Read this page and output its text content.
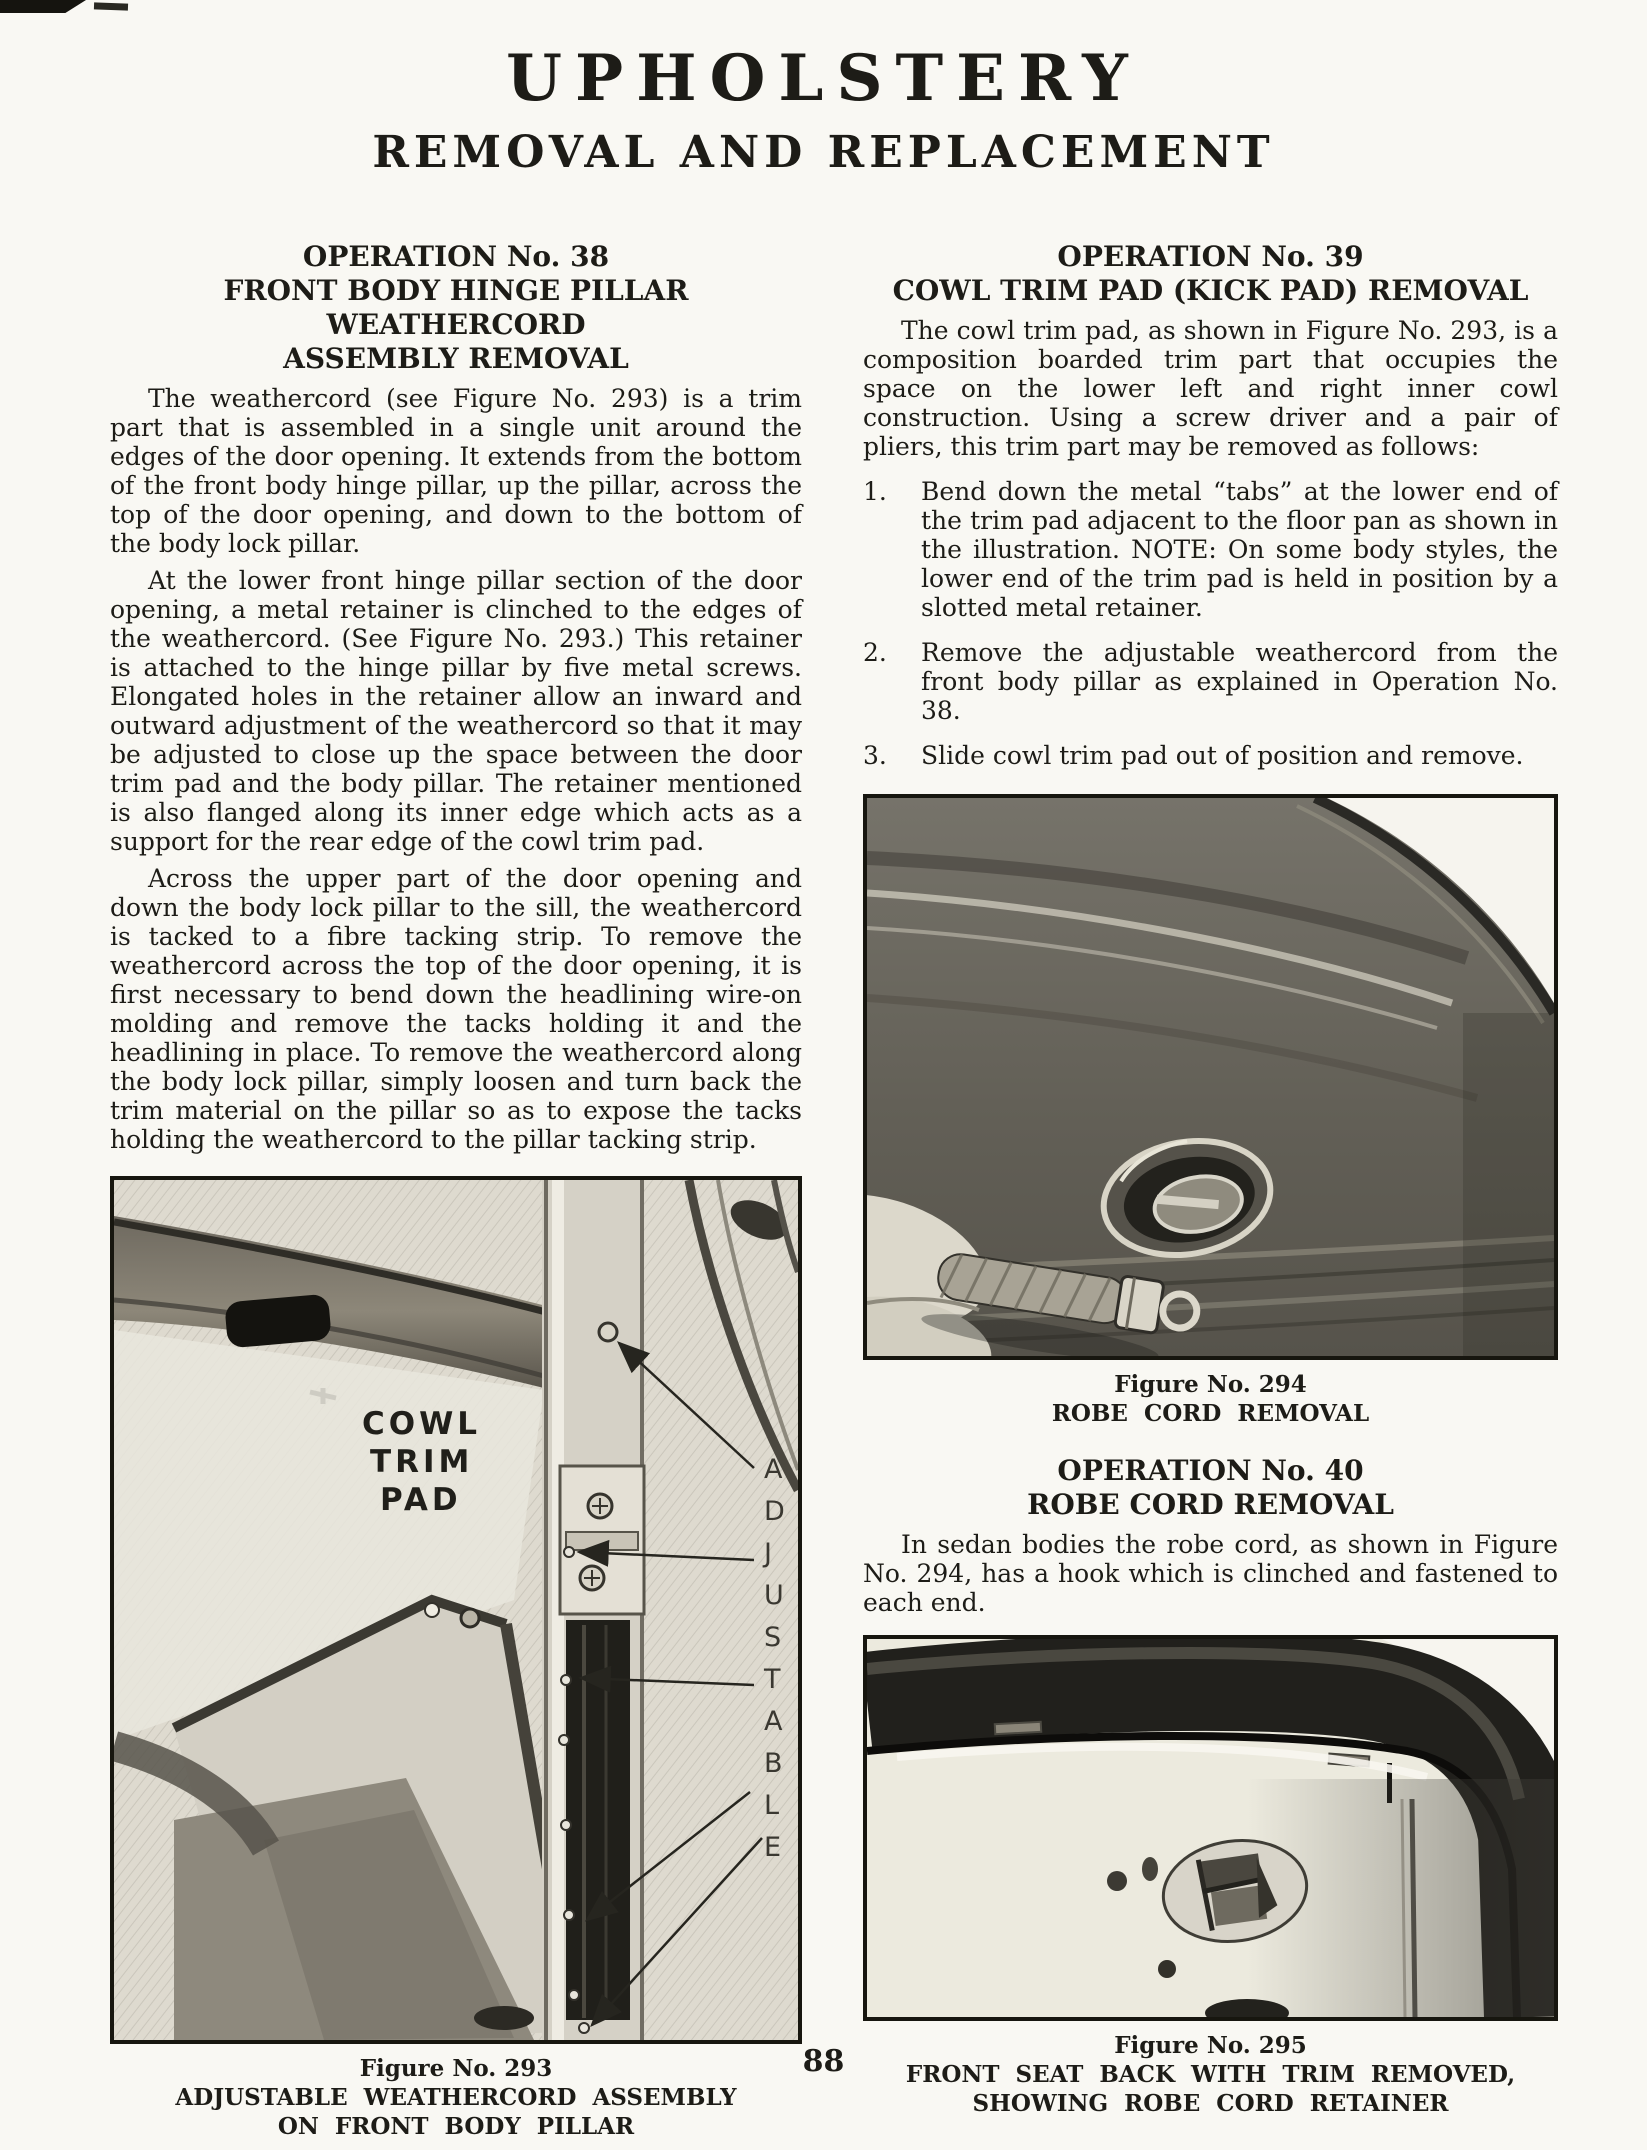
UPHOLSTERY
REMOVAL AND REPLACEMENT
OPERATION No. 38
FRONT BODY HINGE PILLAR WEATHERCORD
ASSEMBLY REMOVAL

The weathercord (see Figure No. 293) is a trim part that is assembled in a single unit around the edges of the door opening. It extends from the bottom of the front body hinge pillar, up the pillar, across the top of the door opening, and down to the bottom of the body lock pillar.

At the lower front hinge pillar section of the door opening, a metal retainer is clinched to the edges of the weathercord. (See Figure No. 293.) This retainer is attached to the hinge pillar by five metal screws. Elongated holes in the retainer allow an inward and outward adjustment of the weathercord so that it may be adjusted to close up the space between the door trim pad and the body pillar. The retainer mentioned is also flanged along its inner edge which acts as a support for the rear edge of the cowl trim pad.

Across the upper part of the door opening and down the body lock pillar to the sill, the weathercord is tacked to a fibre tacking strip. To remove the weathercord across the top of the door opening, it is first necessary to bend down the headlining wire-on molding and remove the tacks holding it and the headlining in place. To remove the weathercord along the body lock pillar, simply loosen and turn back the trim material on the pillar so as to expose the tacks holding the weathercord to the pillar tacking strip.

COWL
TRIM
PAD
A
D
J
U
S
T
A
B
L
E
Figure No. 293
ADJUSTABLE WEATHERCORD ASSEMBLY
ON FRONT BODY PILLAR
OPERATION No. 39
COWL TRIM PAD (KICK PAD) REMOVAL

The cowl trim pad, as shown in Figure No. 293, is a composition boarded trim part that occupies the space on the lower left and right inner cowl construction. Using a screw driver and a pair of pliers, this trim part may be removed as follows:

1.	Bend down the metal “tabs” at the lower end of the trim pad adjacent to the floor pan as shown in the illustration. NOTE: On some body styles, the lower end of the trim pad is held in position by a slotted metal retainer.
2.	Remove the adjustable weathercord from the front body pillar as explained in Operation No. 38.
3.	Slide cowl trim pad out of position and remove.
Figure No. 294
ROBE CORD REMOVAL
OPERATION No. 40
ROBE CORD REMOVAL

In sedan bodies the robe cord, as shown in Figure No. 294, has a hook which is clinched and fastened to each end.

Figure No. 295
FRONT SEAT BACK WITH TRIM REMOVED,
SHOWING ROBE CORD RETAINER
88
